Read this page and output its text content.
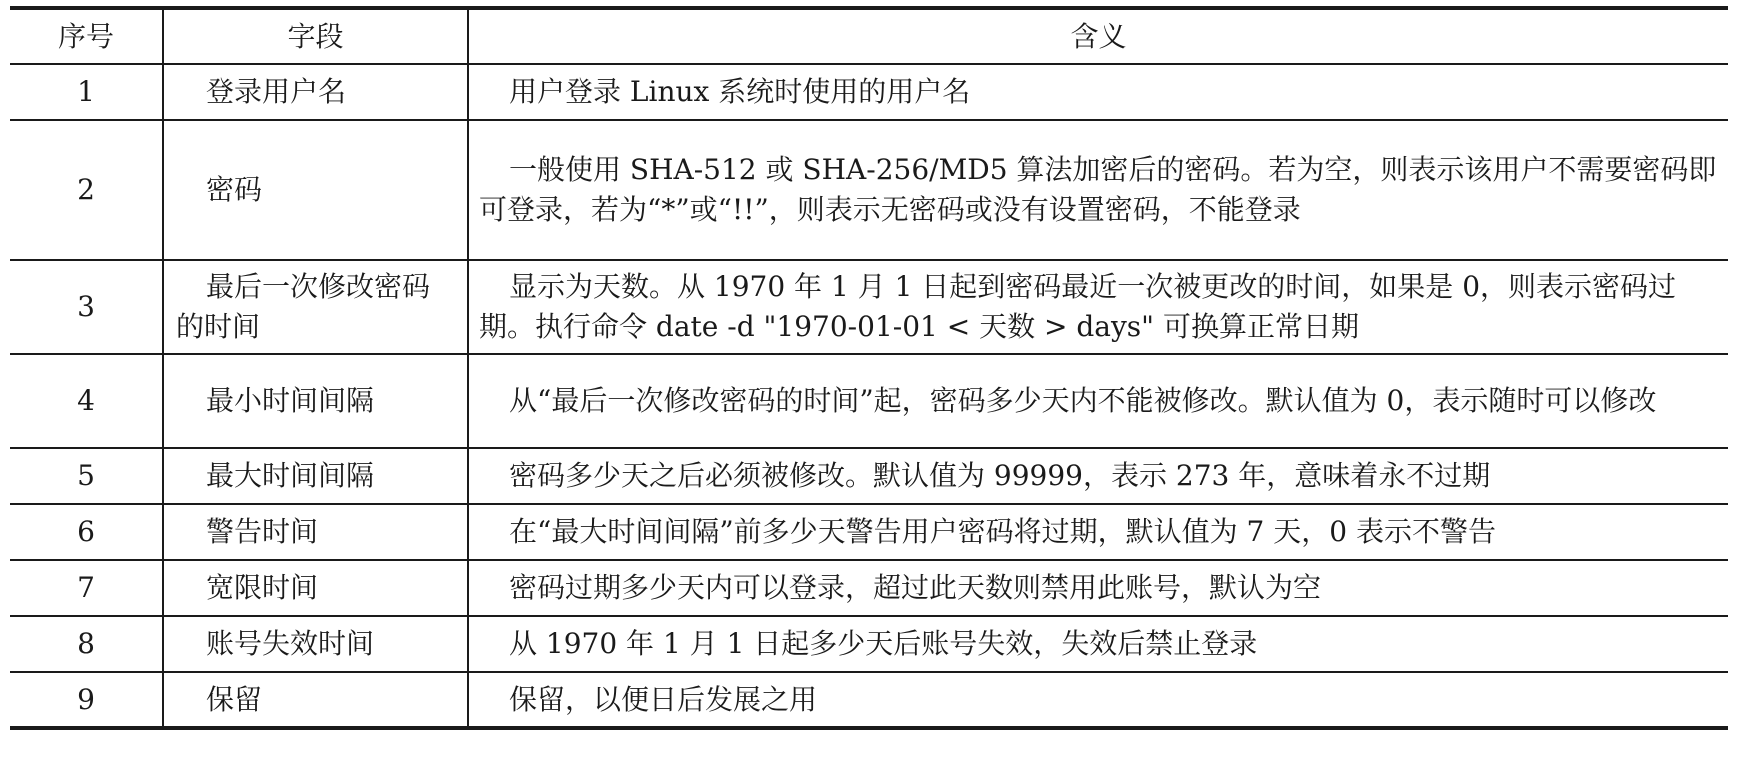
序号	字段	含义
1	登录用户名	用户登录 Linux 系统时使用的用户名
2	密码	一般使用 SHA-512 或 SHA-256/MD5 算法加密后的密码。若为空，则表示该用户不需要密码即可登录，若为“*”或“!!”，则表示无密码或没有设置密码，不能登录
3	最后一次修改密码的时间	显示为天数。从 1970 年 1 月 1 日起到密码最近一次被更改的时间，如果是 0，则表示密码过期。执行命令 date -d "1970-01-01 < 天数 > days" 可换算正常日期
4	最小时间间隔	从“最后一次修改密码的时间”起，密码多少天内不能被修改。默认值为 0，表示随时可以修改
5	最大时间间隔	密码多少天之后必须被修改。默认值为 99999，表示 273 年，意味着永不过期
6	警告时间	在“最大时间间隔”前多少天警告用户密码将过期，默认值为 7 天，0 表示不警告
7	宽限时间	密码过期多少天内可以登录，超过此天数则禁用此账号，默认为空
8	账号失效时间	从 1970 年 1 月 1 日起多少天后账号失效，失效后禁止登录
9	保留	保留，以便日后发展之用
